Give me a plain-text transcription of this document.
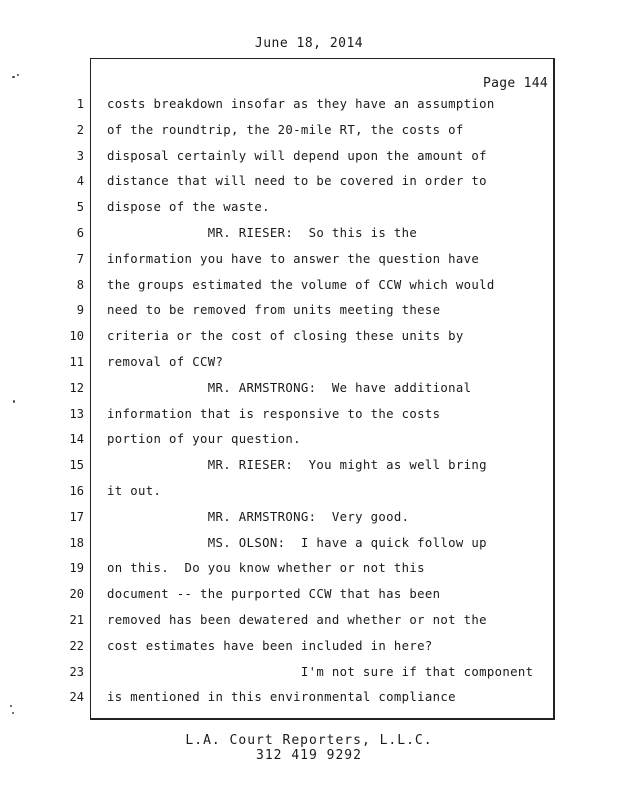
June 18, 2014
Page 144
1
2
3
4
5
6
7
8
9
10
11
12
13
14
15
16
17
18
19
20
21
22
23
24
costs breakdown insofar as they have an assumption
of the roundtrip, the 20-mile RT, the costs of
disposal certainly will depend upon the amount of
distance that will need to be covered in order to
dispose of the waste.
MR. RIESER:  So this is the
information you have to answer the question have
the groups estimated the volume of CCW which would
need to be removed from units meeting these
criteria or the cost of closing these units by
removal of CCW?
MR. ARMSTRONG:  We have additional
information that is responsive to the costs
portion of your question.
MR. RIESER:  You might as well bring
it out.
MR. ARMSTRONG:  Very good.
MS. OLSON:  I have a quick follow up
on this.  Do you know whether or not this
document -- the purported CCW that has been
removed has been dewatered and whether or not the
cost estimates have been included in here?
I'm not sure if that component
is mentioned in this environmental compliance
L.A. Court Reporters, L.L.C.
312 419 9292
